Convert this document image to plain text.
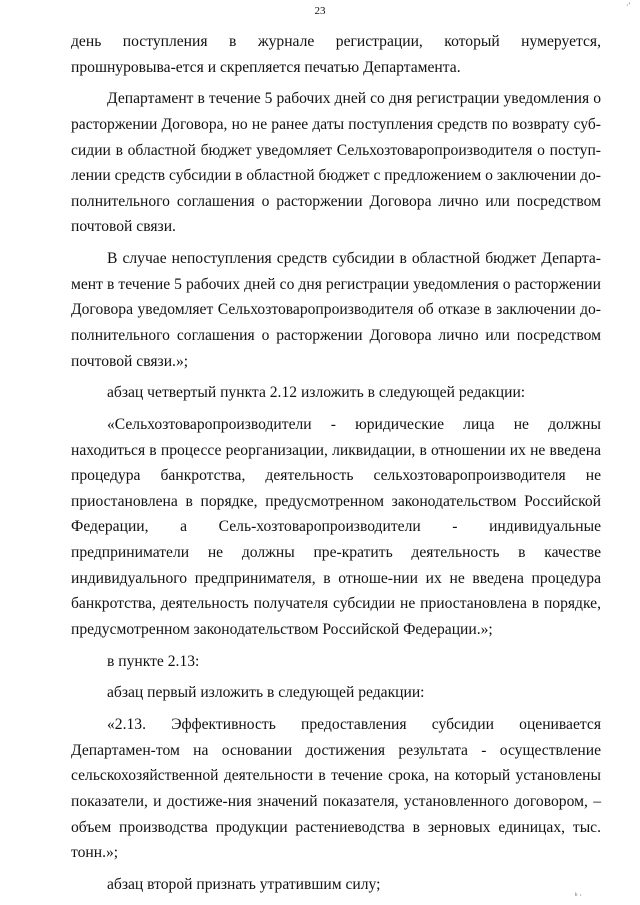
23	·'

день поступления в журнале регистрации, который нумеруется, прошнуровыва-ется и скрепляется печатью Департамента.

Департамент в течение 5 рабочих дней со дня регистрации уведомления о расторжении Договора, но не ранее даты поступления средств по возврату суб-сидии в областной бюджет уведомляет Сельхозтоваропроизводителя о поступ-лении средств субсидии в областной бюджет с предложением о заключении до-полнительного соглашения о расторжении Договора лично или посредством почтовой связи.

В случае непоступления средств субсидии в областной бюджет Департа-мент в течение 5 рабочих дней со дня регистрации уведомления о расторжении Договора уведомляет Сельхозтоваропроизводителя об отказе в заключении до-полнительного соглашения о расторжении Договора лично или посредством почтовой связи.»;

абзац четвертый пункта 2.12 изложить в следующей редакции:

«Сельхозтоваропроизводители - юридические лица не должны находиться в процессе реорганизации, ликвидации, в отношении их не введена процедура банкротства, деятельность сельхозтоваропроизводителя не приостановлена в порядке, предусмотренном законодательством Российской Федерации, а Сель-хозтоваропроизводители - индивидуальные предприниматели не должны пре-кратить деятельность в качестве индивидуального предпринимателя, в отноше-нии их не введена процедура банкротства, деятельность получателя субсидии не приостановлена в порядке, предусмотренном законодательством Российской Федерации.»;

в пункте 2.13:

абзац первый изложить в следующей редакции:

«2.13. Эффективность предоставления субсидии оценивается Департамен-том на основании достижения результата - осуществление сельскохозяйственной деятельности в течение срока, на который установлены показатели, и достиже-ния значений показателя, установленного договором, – объем производства продукции растениеводства в зерновых единицах, тыс. тонн.»;

абзац второй признать утратившим силу;

ᵇ ·
